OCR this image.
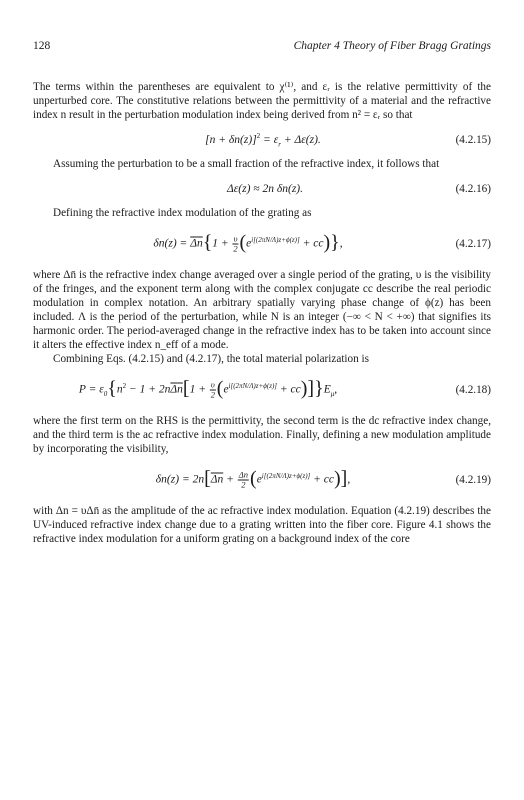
128	Chapter 4 Theory of Fiber Bragg Gratings

The terms within the parentheses are equivalent to χ⁽¹⁾, and εᵣ is the relative permittivity of the unperturbed core. The constitutive relations between the permittivity of a material and the refractive index n result in the perturbation modulation index being derived from n² = εᵣ so that

$[n + \delta n(z)]^2 = \varepsilon_r + \Delta\varepsilon(z)$.	(4.2.15)

Assuming the perturbation to be a small fraction of the refractive index, it follows that

Δε(z) ≈ 2n δn(z).	(4.2.16)

Defining the refractive index modulation of the grating as

$\delta n(z) = \Delta n\{1 + \frac{\upsilon}{2} (e^{i[(2\pi N/\Lambda)z+\phi(z)]} + cc)\}$,	(4.2.17)

where Δn̄ is the refractive index change averaged over a single period of the grating, υ is the visibility of the fringes, and the exponent term along with the complex conjugate cc describe the real periodic modulation in complex notation. An arbitrary spatially varying phase change of ϕ(z) has been included. Λ is the period of the perturbation, while N is an integer (−∞ < N < +∞) that signifies its harmonic order. The period-averaged change in the refractive index has to be taken into account since it alters the effective index n_eff of a mode.

Combining Eqs. (4.2.15) and (4.2.17), the total material polarization is

$P = \varepsilon_0\{n^2 - 1 + 2n\Delta n[1 + \frac{\upsilon}{2} (e^{i[(2\pi N/\Lambda)z+\phi(z)]} + cc)]\}E_\mu$,	(4.2.18)

where the first term on the RHS is the permittivity, the second term is the dc refractive index change, and the third term is the ac refractive index modulation. Finally, defining a new modulation amplitude by incorporating the visibility,

$\delta n(z) = 2n[\Delta n + \frac{\Delta n}{2} (e^{i[(2\pi N/\Lambda)z+\phi(z)]} + cc)]$,	(4.2.19)

with Δn = υΔn̄ as the amplitude of the ac refractive index modulation. Equation (4.2.19) describes the UV-induced refractive index change due to a grating written into the fiber core. Figure 4.1 shows the refractive index modulation for a uniform grating on a background index of the core
